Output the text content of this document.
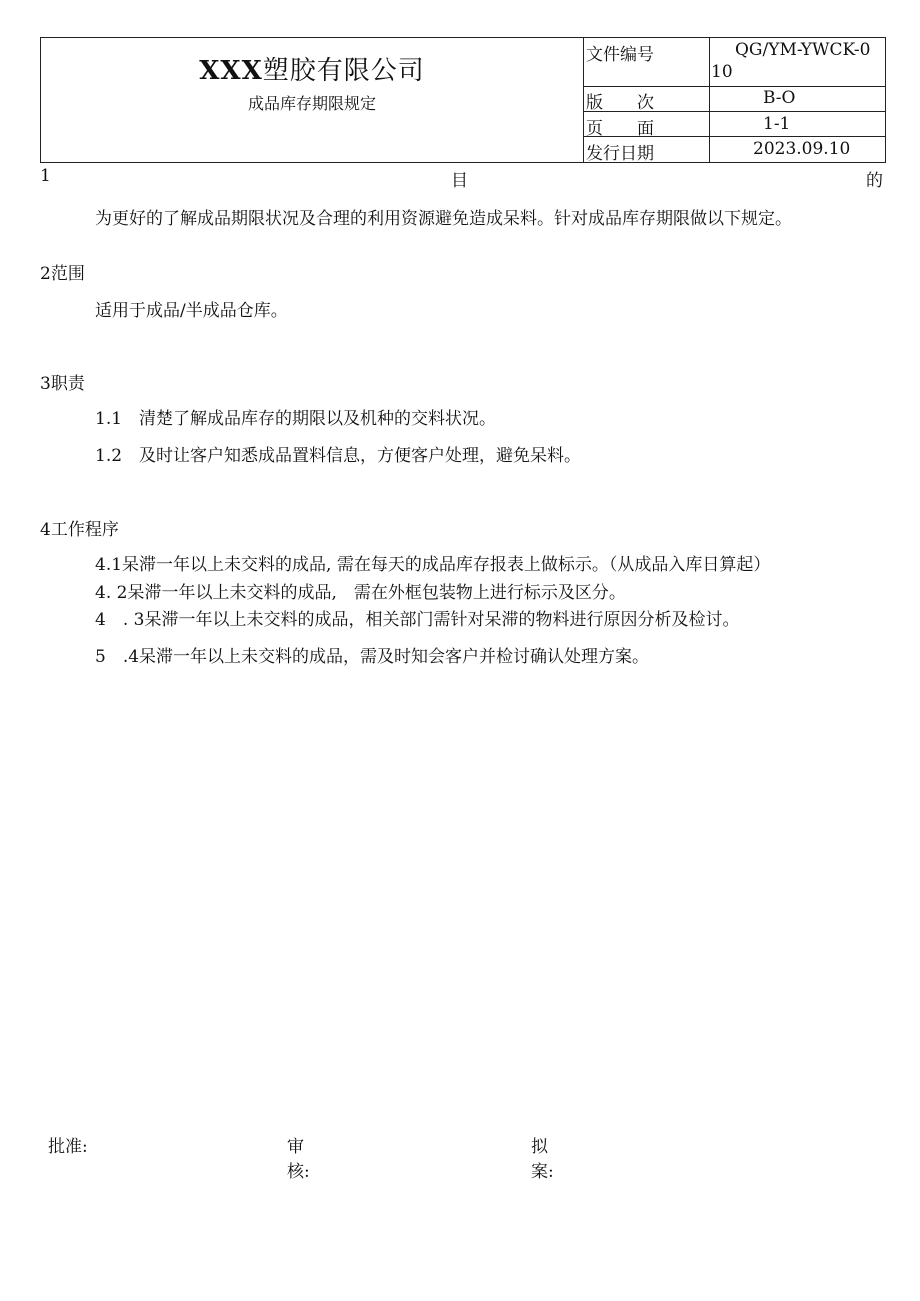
XXX塑胶有限公司
成品库存期限规定
文件编号	QG/YM-YWCK-0
10
版　　次	B-O
页　　面	1-1
发行日期	2023.09.10
1	目	的
为更好的了解成品期限状况及合理的利用资源避免造成呆料。针对成品库存期限做以下规定。
2范围
适用于成品/半成品仓库。
3职责
1.1　清楚了解成品库存的期限以及机种的交料状况。
1.2　及时让客户知悉成品置料信息，方便客户处理，避免呆料。
4工作程序
4.1呆滞一年以上未交料的成品, 需在每天的成品库存报表上做标示。（从成品入库日算起）
4. 2呆滞一年以上未交料的成品,　需在外框包装物上进行标示及区分。
4　. 3呆滞一年以上未交料的成品，相关部门需针对呆滞的物料进行原因分析及检讨。
5　.4呆滞一年以上未交料的成品，需及时知会客户并检讨确认处理方案。
批准:	审
核:
拟
案:
